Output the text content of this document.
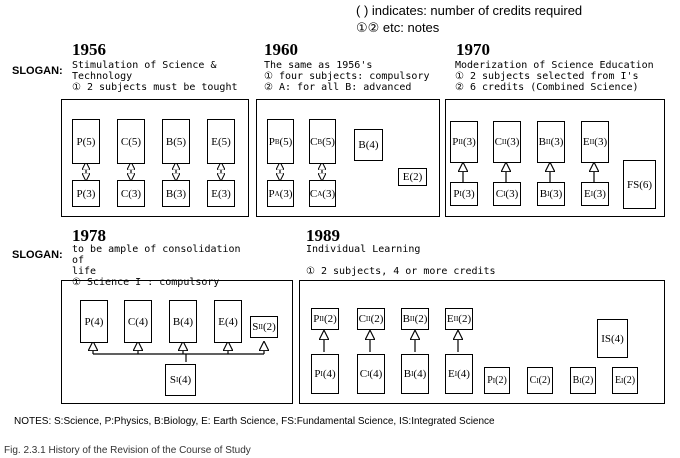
( ) indicates: number of credits required
①② etc: notes
SLOGAN:
SLOGAN:
1956	1960	1970
1978	1989
Stimulation of Science &
Technology
① 2 subjects must be tought
The same as 1956's
① four subjects: compulsory
② A: for all B: advanced
Moderization of Science Education
① 2 subjects selected from I's
② 6 credits (Combined Science)
to be ample of consolidation
of
life
① Science I : compulsory
Individual Learning
① 2 subjects, 4 or more credits
P(5)	C(5)	B(5)	E(5)
P(3)	C(3)	B(3)	E(3)
P B (5) C B (5)
P A (3) C A (3)
B(4)
E(2)
P II (3) C II (3) B II (3) E II (3)
P I (3)	C I (3) B I (3) E I (3)
FS(6)
P(4)	C(4)	B(4)	E(4)	S II (2)
S I (4)
P II (2) C II (2) B II (2) E II (2)
P I (4)	C I (4) B I (4) E I (4)	P I (2)	C I (2) B I (2) E I (2)
IS(4)
NOTES: S:Science, P:Physics, B:Biology, E: Earth Science, FS:Fundamental Science, IS:Integrated Science
Fig. 2.3.1 History of the Revision of the Course of Study
